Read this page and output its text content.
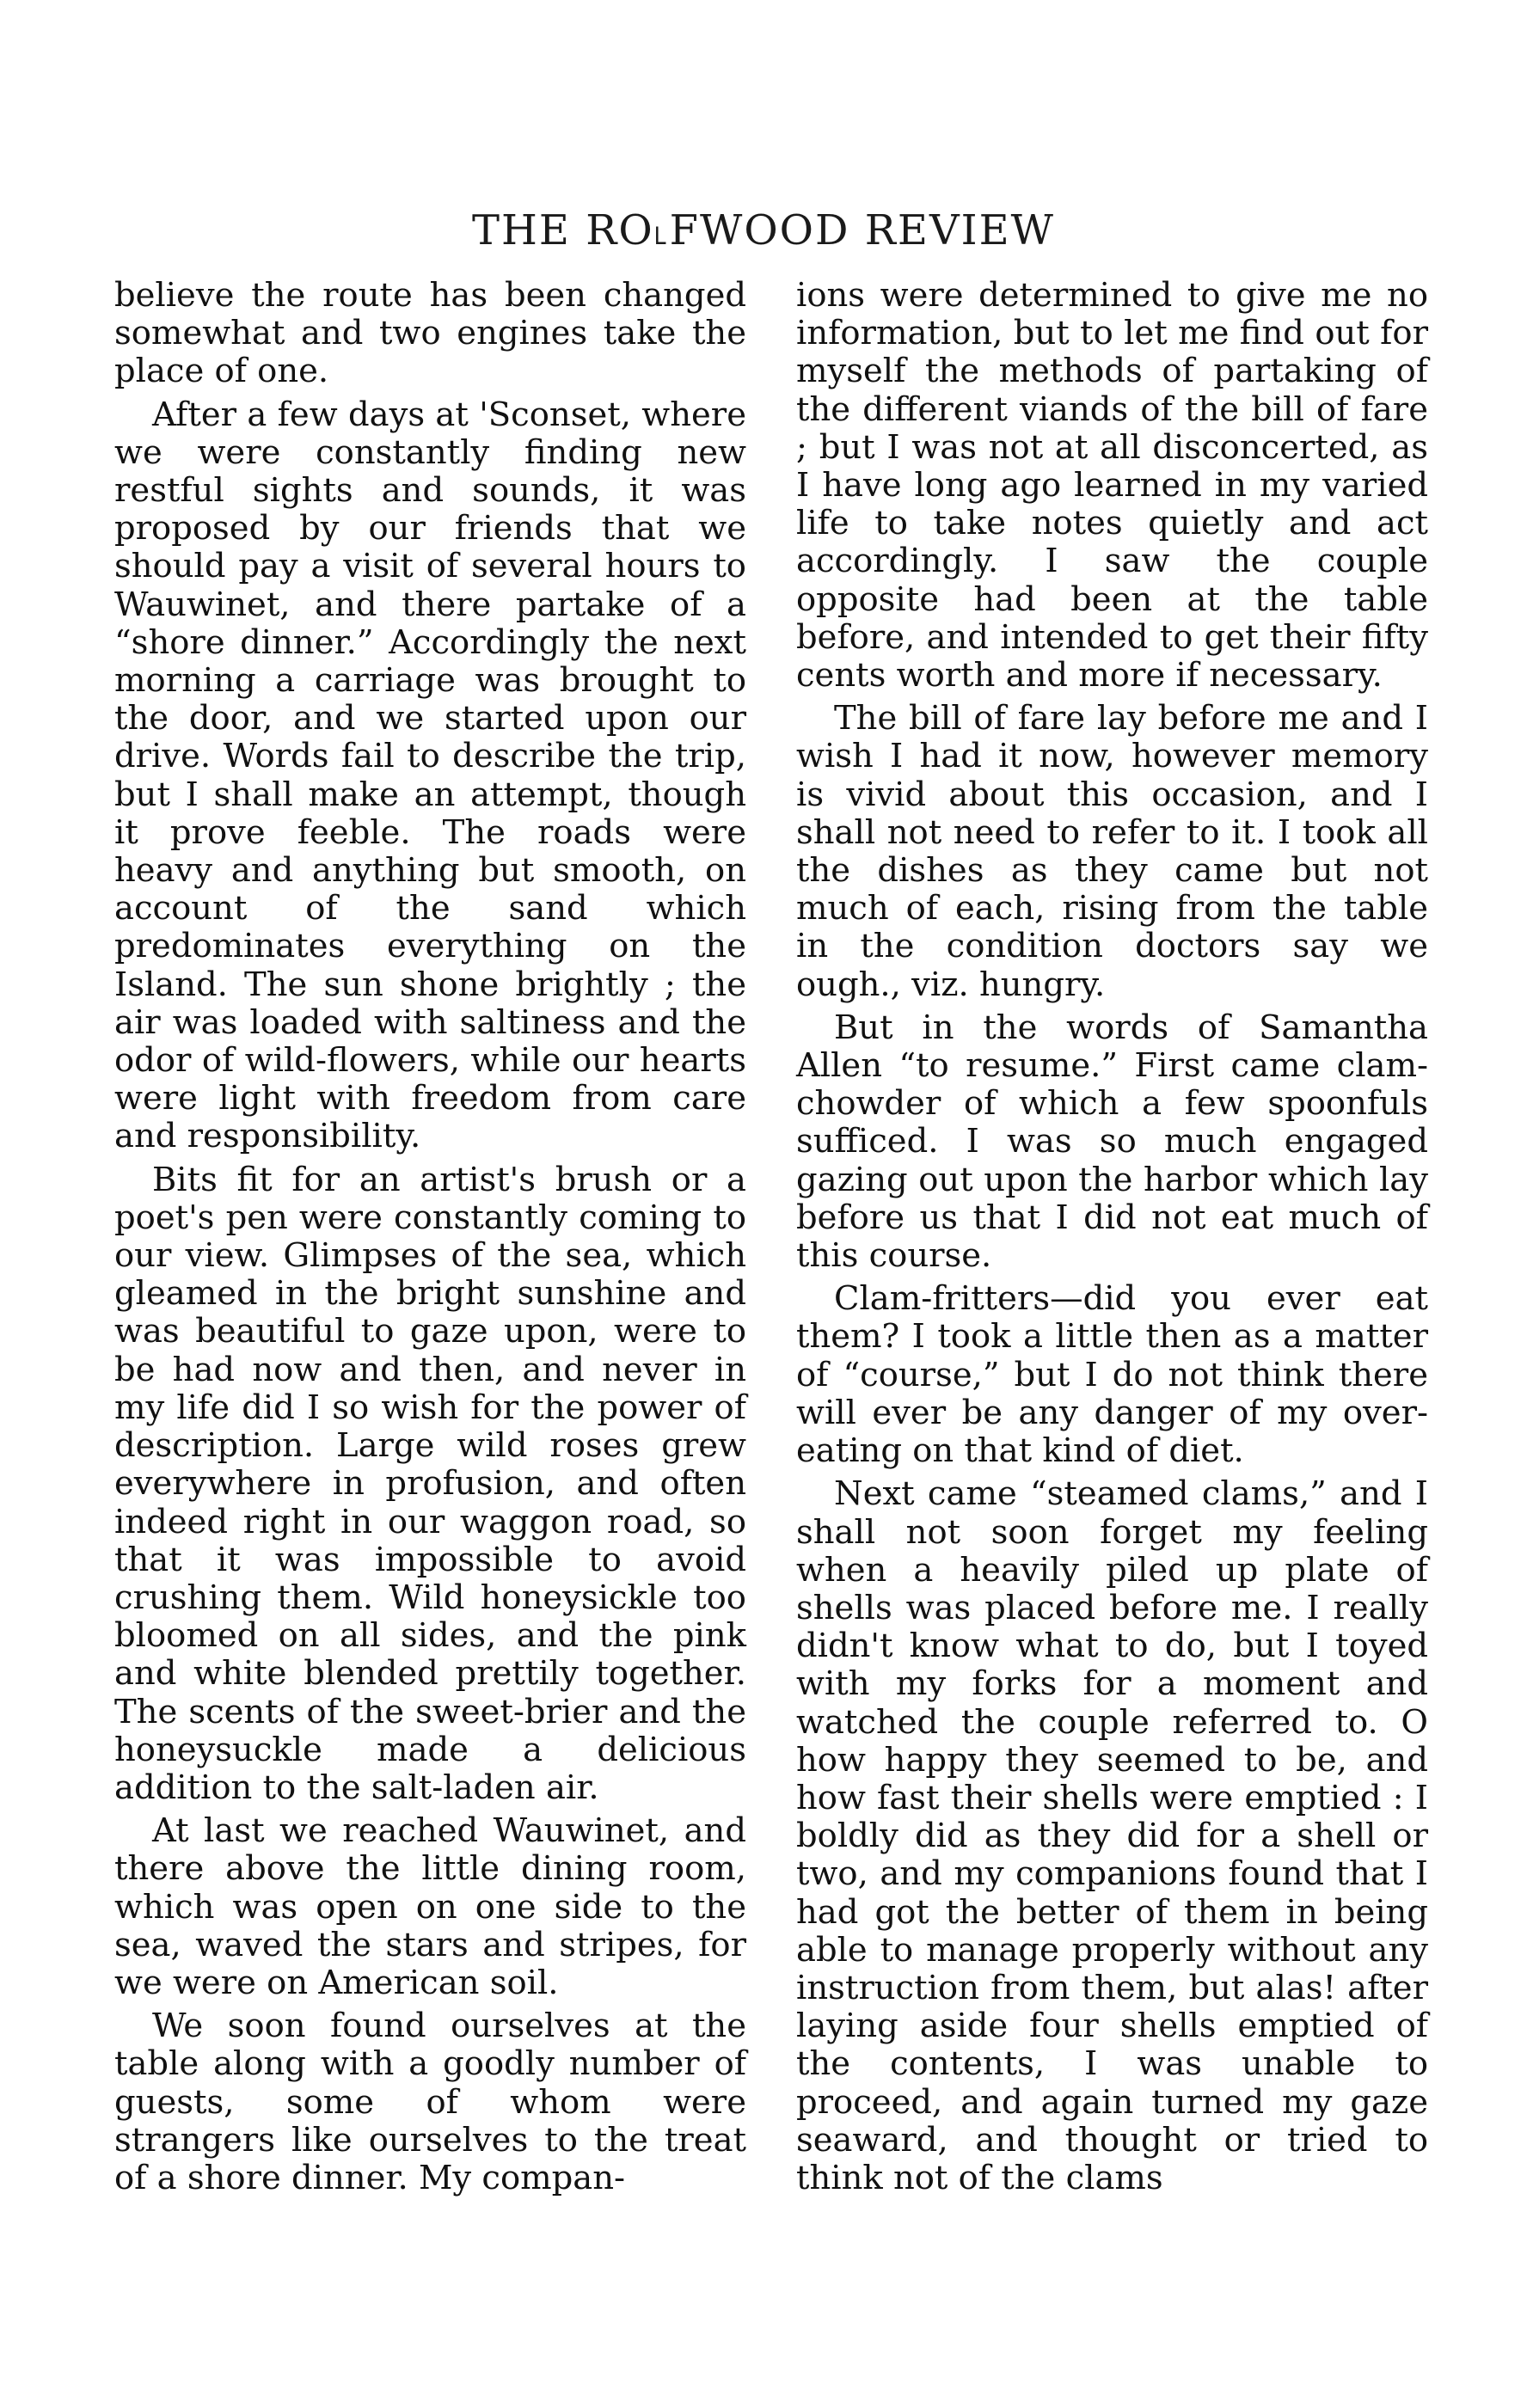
THE RO˪FWOOD REVIEW

believe the route has been changed somewhat and two engines take the place of one.

After a few days at 'Sconset, where we were constantly finding new restful sights and sounds, it was proposed by our friends that we should pay a visit of several hours to Wauwinet, and there partake of a “shore dinner.” Accordingly the next morning a carriage was brought to the door, and we started upon our drive. Words fail to describe the trip, but I shall make an attempt, though it prove feeble. The roads were heavy and anything but smooth, on account of the sand which predominates everything on the Island. The sun shone brightly ; the air was loaded with saltiness and the odor of wild-flowers, while our hearts were light with freedom from care and responsibility.

Bits fit for an artist's brush or a poet's pen were constantly coming to our view. Glimpses of the sea, which gleamed in the bright sunshine and was beautiful to gaze upon, were to be had now and then, and never in my life did I so wish for the power of description. Large wild roses grew everywhere in profusion, and often indeed right in our waggon road, so that it was impossible to avoid crushing them. Wild honeysickle too bloomed on all sides, and the pink and white blended prettily together. The scents of the sweet-brier and the honeysuckle made a delicious addition to the salt-laden air.

At last we reached Wauwinet, and there above the little dining room, which was open on one side to the sea, waved the stars and stripes, for we were on American soil.

We soon found ourselves at the table along with a goodly number of guests, some of whom were strangers like ourselves to the treat of a shore dinner. My compan-

ions were determined to give me no information, but to let me find out for myself the methods of partaking of the different viands of the bill of fare ; but I was not at all disconcerted, as I have long ago learned in my varied life to take notes quietly and act accordingly. I saw the couple opposite had been at the table before, and intended to get their fifty cents worth and more if necessary.

The bill of fare lay before me and I wish I had it now, however memory is vivid about this occasion, and I shall not need to refer to it. I took all the dishes as they came but not much of each, rising from the table in the condition doctors say we ough., viz. hungry.

But in the words of Samantha Allen “to resume.” First came clam-chowder of which a few spoonfuls sufficed. I was so much engaged gazing out upon the harbor which lay before us that I did not eat much of this course.

Clam-fritters—did you ever eat them? I took a little then as a matter of “course,” but I do not think there will ever be any danger of my over-eating on that kind of diet.

Next came “steamed clams,” and I shall not soon forget my feeling when a heavily piled up plate of shells was placed before me. I really didn't know what to do, but I toyed with my forks for a moment and watched the couple referred to. O how happy they seemed to be, and how fast their shells were emptied : I boldly did as they did for a shell or two, and my companions found that I had got the better of them in being able to manage properly without any instruction from them, but alas! after laying aside four shells emptied of the contents, I was unable to proceed, and again turned my gaze seaward, and thought or tried to think not of the clams
